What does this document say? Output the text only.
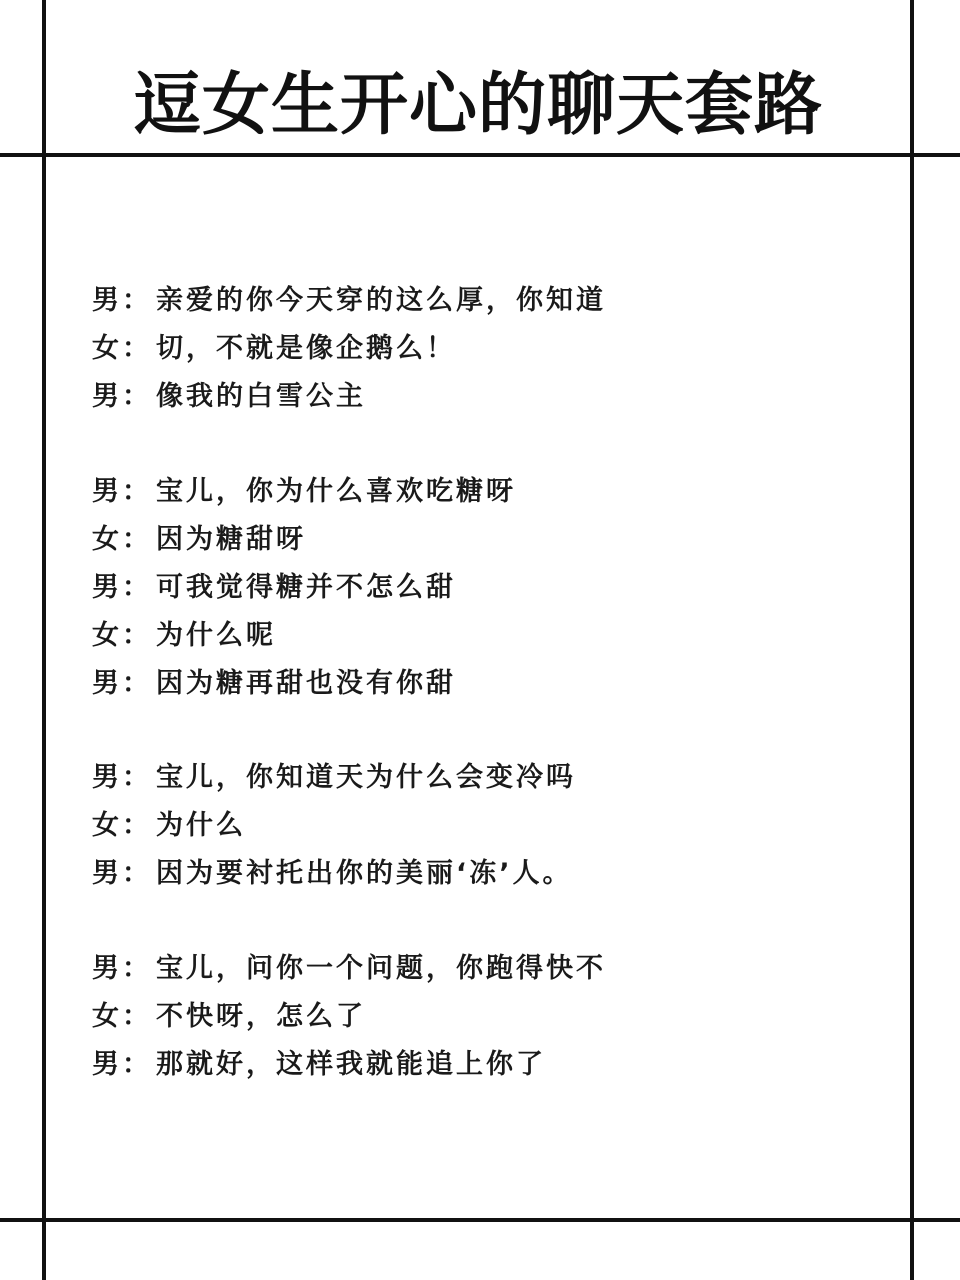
逗女生开心的聊天套路
男： 亲爱的你今天穿的这么厚，你知道
女： 切，不就是像企鹅么！
男： 像我的白雪公主
男： 宝儿，你为什么喜欢吃糖呀
女： 因为糖甜呀
男： 可我觉得糖并不怎么甜
女： 为什么呢
男： 因为糖再甜也没有你甜
男： 宝儿，你知道天为什么会变冷吗
女： 为什么
男： 因为要衬托出你的美丽‘冻’人。
男： 宝儿，问你一个问题，你跑得快不
女： 不快呀，怎么了
男： 那就好，这样我就能追上你了
